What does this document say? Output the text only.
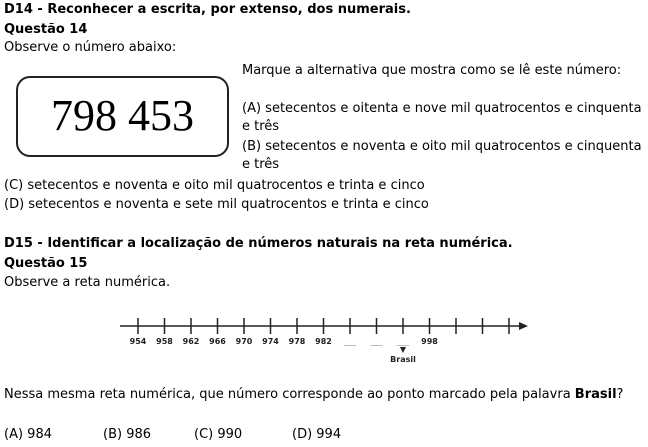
D14 - Reconhecer a escrita, por extenso, dos numerais.
Questão 14
Observe o número abaixo:
798 453
Marque a alternativa que mostra como se lê este número:
(A) setecentos e oitenta e nove mil quatrocentos e cinquenta
e três
(B) setecentos e noventa e oito mil quatrocentos e cinquenta
e três
(C) setecentos e noventa e oito mil quatrocentos e trinta e cinco
(D) setecentos e noventa e sete mil quatrocentos e trinta e cinco
D15 - Identificar a localização de números naturais na reta numérica.
Questão 15
Observe a reta numérica.
954 958 962 966 970 974 978 982 ____ ____ ____ 998
Brasil
Nessa mesma reta numérica, que número corresponde ao ponto marcado pela palavra Brasil?
(A) 984	(B) 986	(C) 990	(D) 994
